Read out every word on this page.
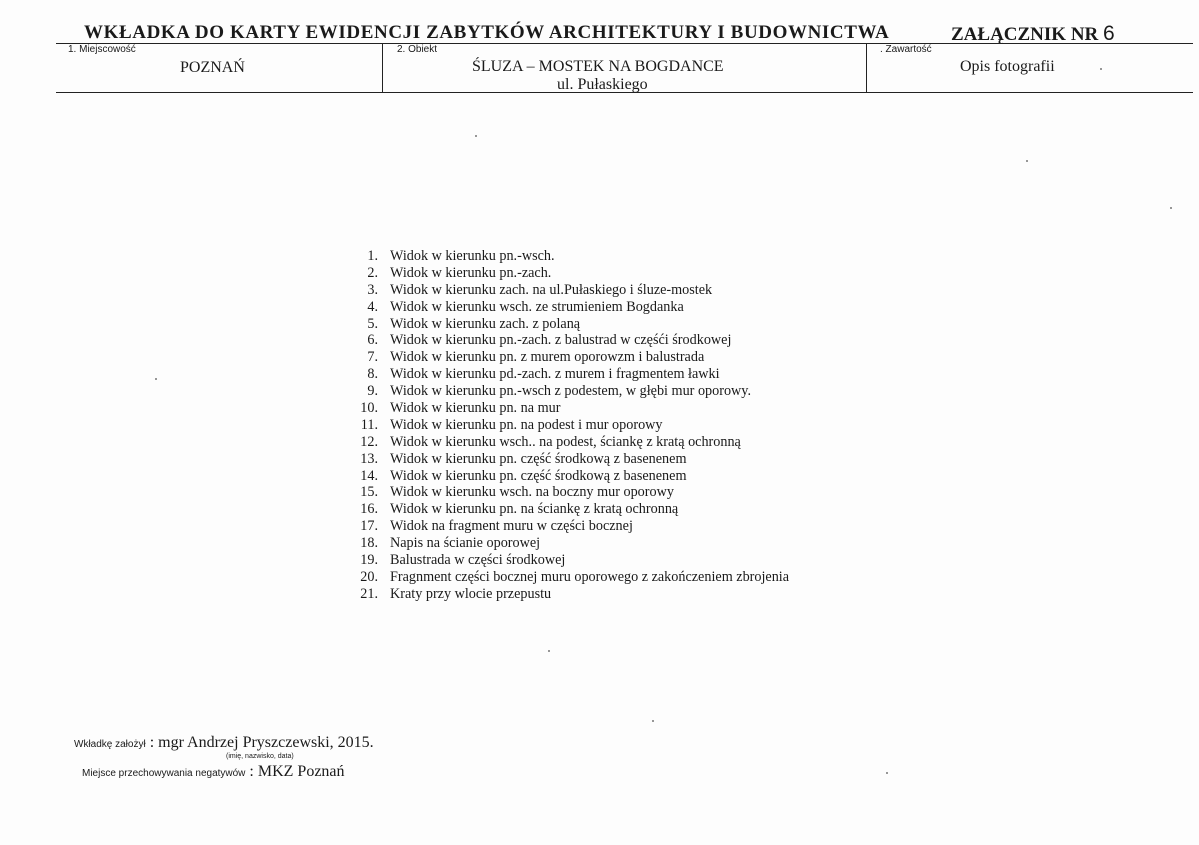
WKŁADKA DO KARTY EWIDENCJI ZABYTKÓW ARCHITEKTURY I BUDOWNICTWA	ZAŁĄCZNIK NR 6
1. Miejscowość
POZNAŃ
2. Obiekt
ŚLUZA – MOSTEK NA BOGDANCE
ul. Pułaskiego
. Zawartość
Opis fotografii
1. Widok w kierunku pn.-wsch.
2. Widok w kierunku pn.-zach.
3. Widok w kierunku zach. na ul.Pułaskiego i śluze-mostek
4. Widok w kierunku wsch. ze strumieniem Bogdanka
5. Widok w kierunku zach. z polaną
6. Widok w kierunku pn.-zach. z balustrad w częśći środkowej
7. Widok w kierunku pn. z murem oporowzm i balustrada
8. Widok w kierunku pd.-zach. z murem i fragmentem ławki
9. Widok w kierunku pn.-wsch z podestem, w głębi mur oporowy.
10. Widok w kierunku pn. na mur
11. Widok w kierunku pn. na podest i mur oporowy
12. Widok w kierunku wsch.. na podest, ściankę z kratą ochronną
13. Widok w kierunku pn. część środkową z basenenem
14. Widok w kierunku pn. część środkową z basenenem
15. Widok w kierunku wsch. na boczny mur oporowy
16. Widok w kierunku pn. na ściankę z kratą ochronną
17. Widok na fragment muru w części bocznej
18. Napis na ścianie oporowej
19. Balustrada w części środkowej
20. Fragnment części bocznej muru oporowego z zakończeniem zbrojenia
21. Kraty przy wlocie przepustu
Wkładkę założył : mgr Andrzej Pryszczewski, 2015.
(imię, nazwisko, data)
Miejsce przechowywania negatywów : MKZ Poznań
